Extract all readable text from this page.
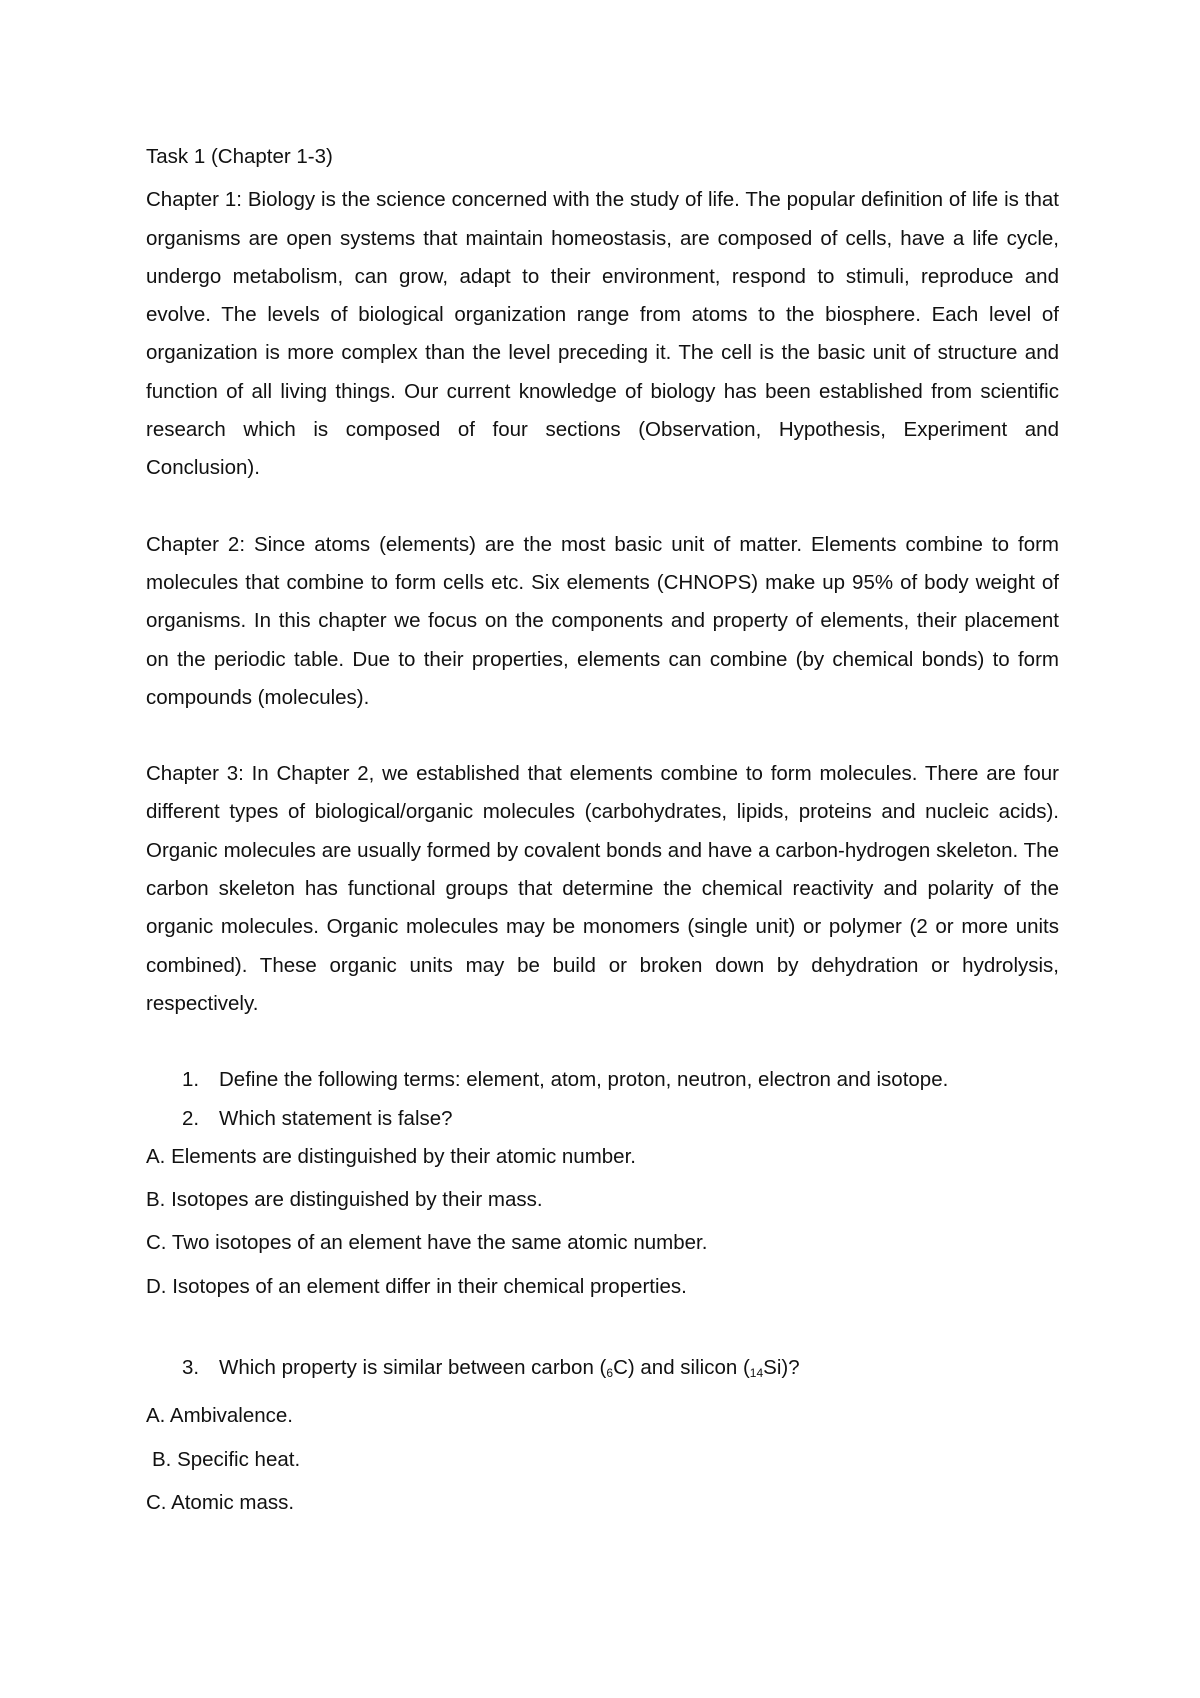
Task 1 (Chapter 1-3)

Chapter 1: Biology is the science concerned with the study of life. The popular definition of life is that organisms are open systems that maintain homeostasis, are composed of cells, have a life cycle, undergo metabolism, can grow, adapt to their environment, respond to stimuli, reproduce and evolve. The levels of biological organization range from atoms to the biosphere. Each level of organization is more complex than the level preceding it. The cell is the basic unit of structure and function of all living things. Our current knowledge of biology has been established from scientific research which is composed of four sections (Observation, Hypothesis, Experiment and Conclusion).

Chapter 2: Since atoms (elements) are the most basic unit of matter. Elements combine to form molecules that combine to form cells etc. Six elements (CHNOPS) make up 95% of body weight of organisms. In this chapter we focus on the components and property of elements, their placement on the periodic table. Due to their properties, elements can combine (by chemical bonds) to form compounds (molecules).

Chapter 3: In Chapter 2, we established that elements combine to form molecules. There are four different types of biological/organic molecules (carbohydrates, lipids, proteins and nucleic acids). Organic molecules are usually formed by covalent bonds and have a carbon-hydrogen skeleton. The carbon skeleton has functional groups that determine the chemical reactivity and polarity of the organic molecules. Organic molecules may be monomers (single unit) or polymer (2 or more units combined). These organic units may be build or broken down by dehydration or hydrolysis, respectively.

1. Define the following terms: element, atom, proton, neutron, electron and isotope.
2. Which statement is false?

A. Elements are distinguished by their atomic number.

B. Isotopes are distinguished by their mass.

C. Two isotopes of an element have the same atomic number.

D. Isotopes of an element differ in their chemical properties.

3. Which property is similar between carbon $(_6C)$ and silicon $(_{14}Si)$?

A. Ambivalence.

B. Specific heat.

C. Atomic mass.
